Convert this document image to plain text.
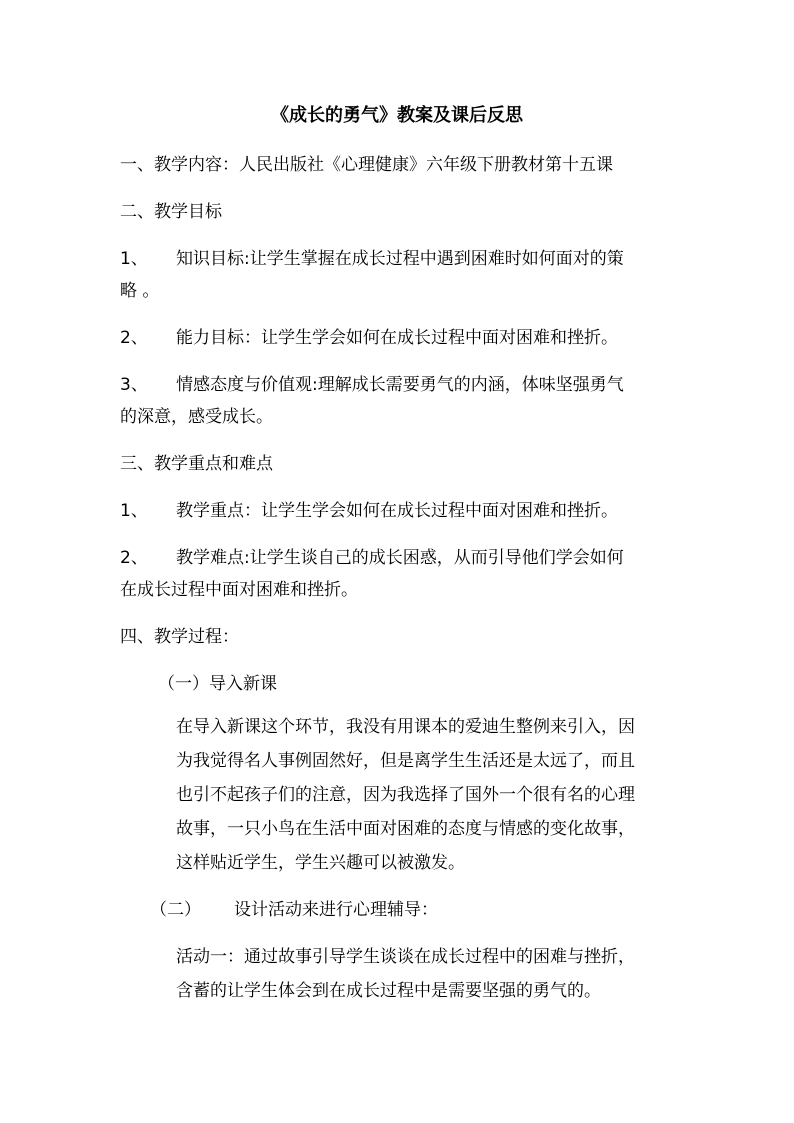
《成长的勇气》教案及课后反思
一、教学内容：人民出版社《心理健康》六年级下册教材第十五课
二、教学目标
1、 知识目标:让学生掌握在成长过程中遇到困难时如何面对的策
略 。
2、 能力目标：让学生学会如何在成长过程中面对困难和挫折。
3、 情感态度与价值观:理解成长需要勇气的内涵，体味坚强勇气
的深意，感受成长。
三、教学重点和难点
1、 教学重点：让学生学会如何在成长过程中面对困难和挫折。
2、 教学难点:让学生谈自己的成长困惑，从而引导他们学会如何
在成长过程中面对困难和挫折。
四、教学过程：
（一）导入新课
在导入新课这个环节，我没有用课本的爱迪生整例来引入，因
为我觉得名人事例固然好，但是离学生生活还是太远了，而且
也引不起孩子们的注意，因为我选择了国外一个很有名的心理
故事，一只小鸟在生活中面对困难的态度与情感的变化故事，
这样贴近学生，学生兴趣可以被激发。
（二） 设计活动来进行心理辅导：
活动一：通过故事引导学生谈谈在成长过程中的困难与挫折，
含蓄的让学生体会到在成长过程中是需要坚强的勇气的。
